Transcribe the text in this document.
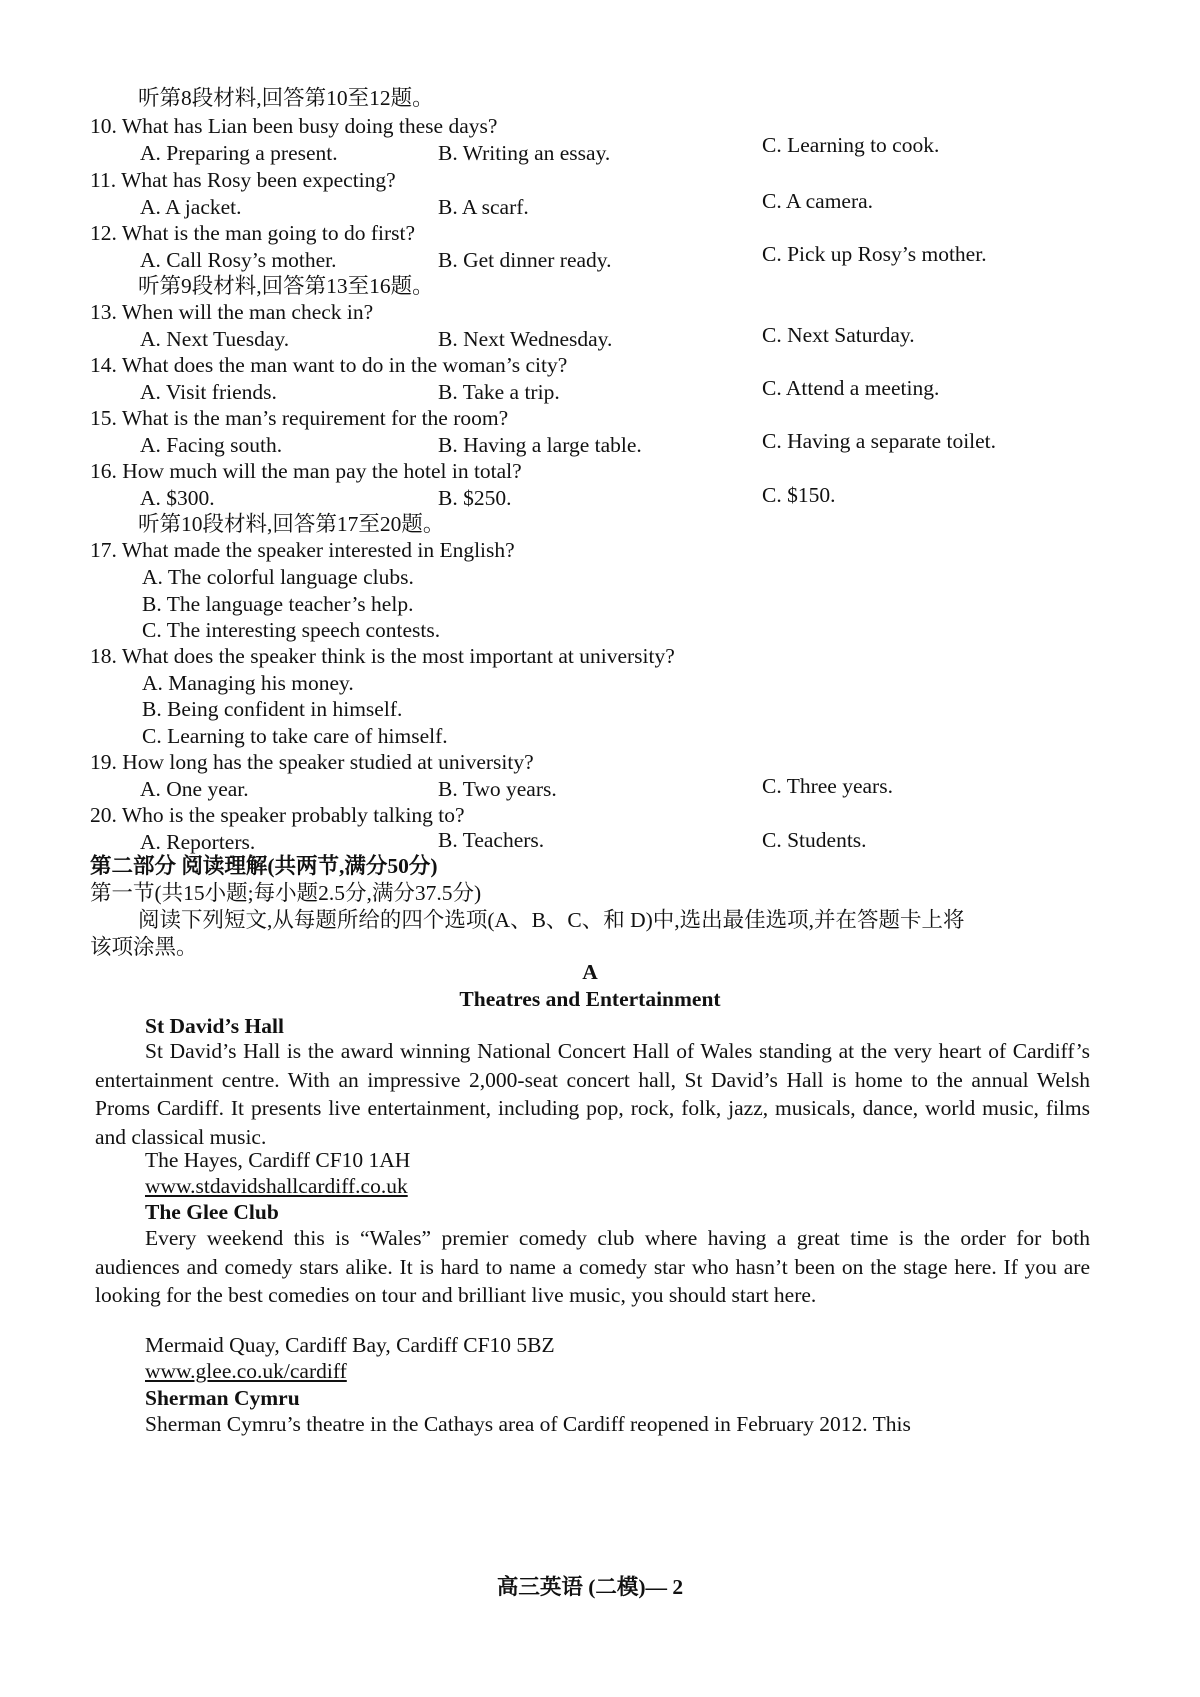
听第8段材料,回答第10至12题。
10. What has Lian been busy doing these days?
A. Preparing a present.	B. Writing an essay.	C. Learning to cook.
11. What has Rosy been expecting?
A. A jacket.	B. A scarf.	C. A camera.
12. What is the man going to do first?
A. Call Rosy’s mother.	B. Get dinner ready.	C. Pick up Rosy’s mother.
听第9段材料,回答第13至16题。
13. When will the man check in?
A. Next Tuesday.	B. Next Wednesday.	C. Next Saturday.
14. What does the man want to do in the woman’s city?
A. Visit friends.	B. Take a trip.	C. Attend a meeting.
15. What is the man’s requirement for the room?
A. Facing south.	B. Having a large table.	C. Having a separate toilet.
16. How much will the man pay the hotel in total?
A. $300.	B. $250.	C. $150.
听第10段材料,回答第17至20题。
17. What made the speaker interested in English?
A. The colorful language clubs.
B. The language teacher’s help.
C. The interesting speech contests.
18. What does the speaker think is the most important at university?
A. Managing his money.
B. Being confident in himself.
C. Learning to take care of himself.
19. How long has the speaker studied at university?
A. One year.	B. Two years.	C. Three years.
20. Who is the speaker probably talking to?
A. Reporters.	B. Teachers.	C. Students.
第二部分 阅读理解(共两节,满分50分)
第一节(共15小题;每小题2.5分,满分37.5分)
阅读下列短文,从每题所给的四个选项(A、B、C、和 D)中,选出最佳选项,并在答题卡上将
该项涂黑。
A
Theatres and Entertainment
St David’s Hall
St David’s Hall is the award winning National Concert Hall of Wales standing at the very heart of Cardiff’s entertainment centre. With an impressive 2,000-seat concert hall, St David’s Hall is home to the annual Welsh Proms Cardiff. It presents live entertainment, including pop, rock, folk, jazz, musicals, dance, world music, films and classical music.
The Hayes, Cardiff CF10 1AH
www.stdavidshallcardiff.co.uk
The Glee Club
Every weekend this is “Wales” premier comedy club where having a great time is the order for both audiences and comedy stars alike. It is hard to name a comedy star who hasn’t been on the stage here. If you are looking for the best comedies on tour and brilliant live music, you should start here.
Mermaid Quay, Cardiff Bay, Cardiff CF10 5BZ
www.glee.co.uk/cardiff
Sherman Cymru
Sherman Cymru’s theatre in the Cathays area of Cardiff reopened in February 2012. This
高三英语 (二模)— 2
